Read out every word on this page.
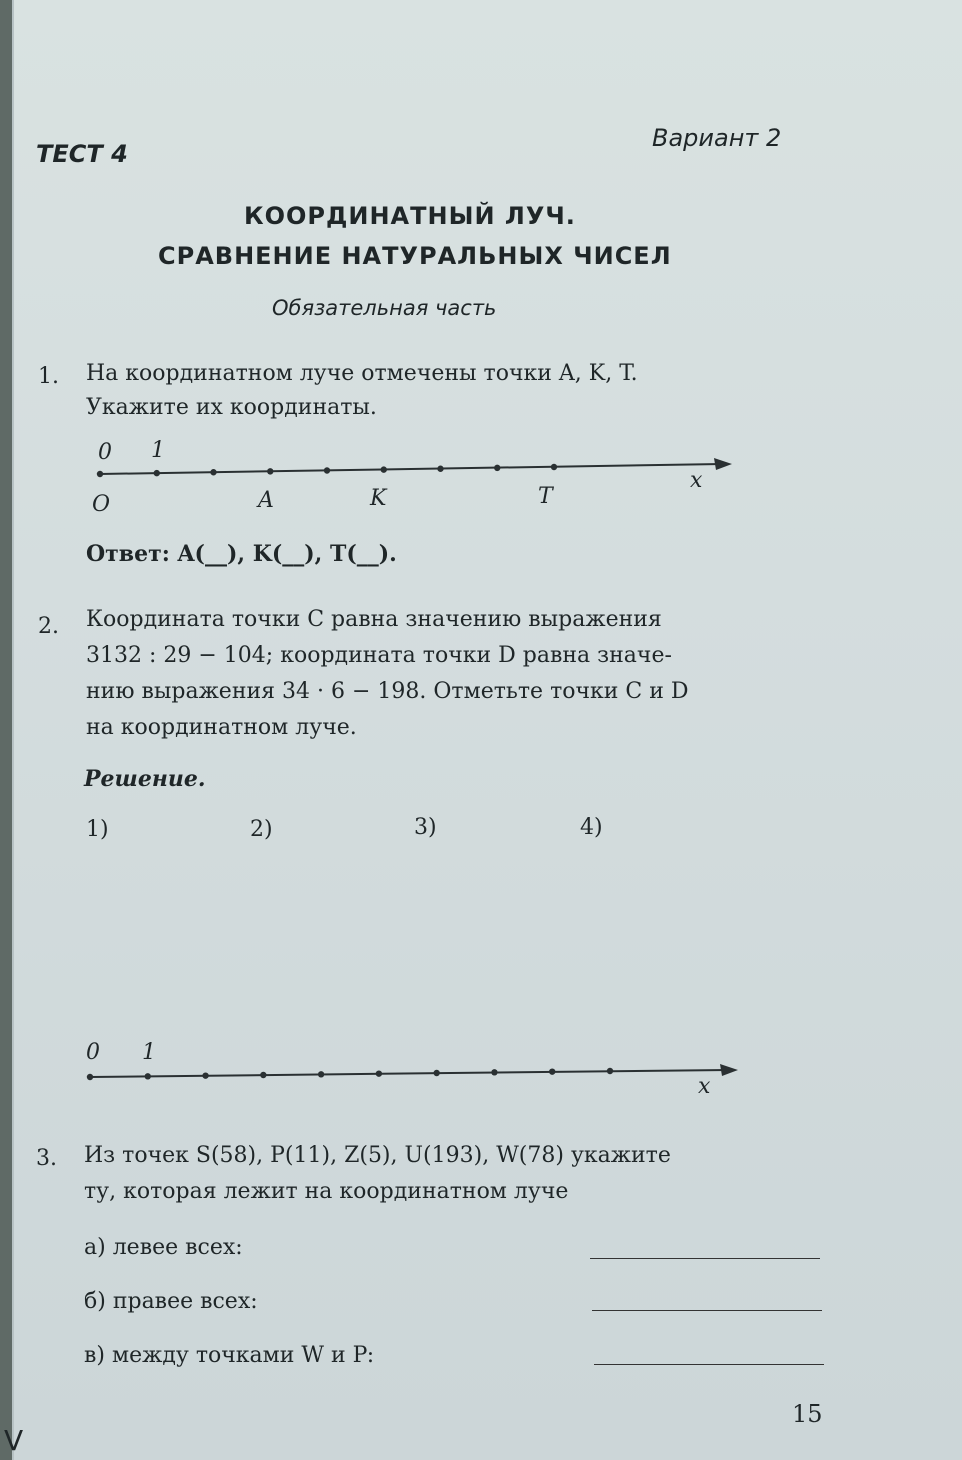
ТЕСТ 4
Вариант 2
КООРДИНАТНЫЙ ЛУЧ.
СРАВНЕНИЕ НАТУРАЛЬНЫХ ЧИСЕЛ
Обязательная часть
1. На координатном луче отмечены точки A, K, T.
Укажите их координаты.
0 1
O	A	K	T
x
Ответ: A(__), K(__), T(__).
2. Координата точки C равна значению выражения
3132 : 29 − 104; координата точки D равна значе-
нию выражения 34 · 6 − 198. Отметьте точки C и D
на координатном луче.
Решение.
1)	2)	3)	4)
0 1
x
3. Из точек S(58), P(11), Z(5), U(193), W(78) укажите
ту, которая лежит на координатном луче
а) левее всех:
б) правее всех:
в) между точками W и P:
15
V
